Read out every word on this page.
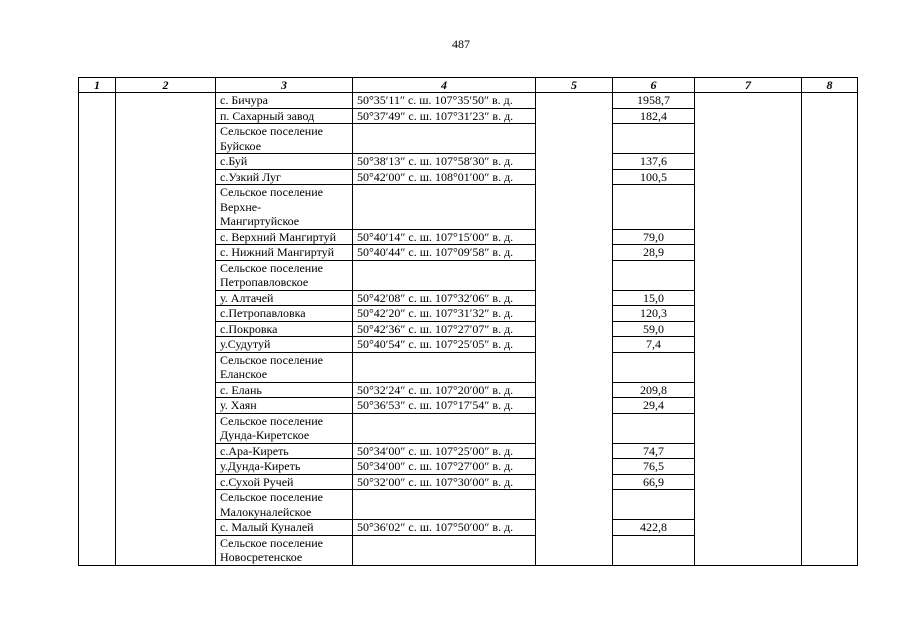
487
1	2	3	4	5	6	7	8
		с. Бичура	50°35′11″ с. ш. 107°35′50″ в. д.		1958,7		
		п. Сахарный завод	50°37′49″ с. ш. 107°31′23″ в. д.		182,4		
		Сельское поселение
Буйское					
		с.Буй	50°38′13″ с. ш. 107°58′30″ в. д.		137,6		
		с.Узкий Луг	50°42′00″ с. ш. 108°01′00″ в. д.		100,5		
		Сельское поселение
Верхне-
Мангиртуйское					
		с. Верхний Мангиртуй	50°40′14″ с. ш. 107°15′00″ в. д.		79,0		
		с. Нижний Мангиртуй	50°40′44″ с. ш. 107°09′58″ в. д.		28,9		
		Сельское поселение
Петропавловское					
		у. Алтачей	50°42′08″ с. ш. 107°32′06″ в. д.		15,0		
		с.Петропавловка	50°42′20″ с. ш. 107°31′32″ в. д.		120,3		
		с.Покровка	50°42′36″ с. ш. 107°27′07″ в. д.		59,0		
		у.Судутуй	50°40′54″ с. ш. 107°25′05″ в. д.		7,4		
		Сельское поселение
Еланское					
		с. Елань	50°32′24″ с. ш. 107°20′00″ в. д.		209,8		
		у. Хаян	50°36′53″ с. ш. 107°17′54″ в. д.		29,4		
		Сельское поселение
Дунда-Киретское					
		с.Ара-Киреть	50°34′00″ с. ш. 107°25′00″ в. д.		74,7		
		у.Дунда-Киреть	50°34′00″ с. ш. 107°27′00″ в. д.		76,5		
		с.Сухой Ручей	50°32′00″ с. ш. 107°30′00″ в. д.		66,9		
		Сельское поселение
Малокуналейское					
		с. Малый Куналей	50°36′02″ с. ш. 107°50′00″ в. д.		422,8		
		Сельское поселение
Новосретенское					
